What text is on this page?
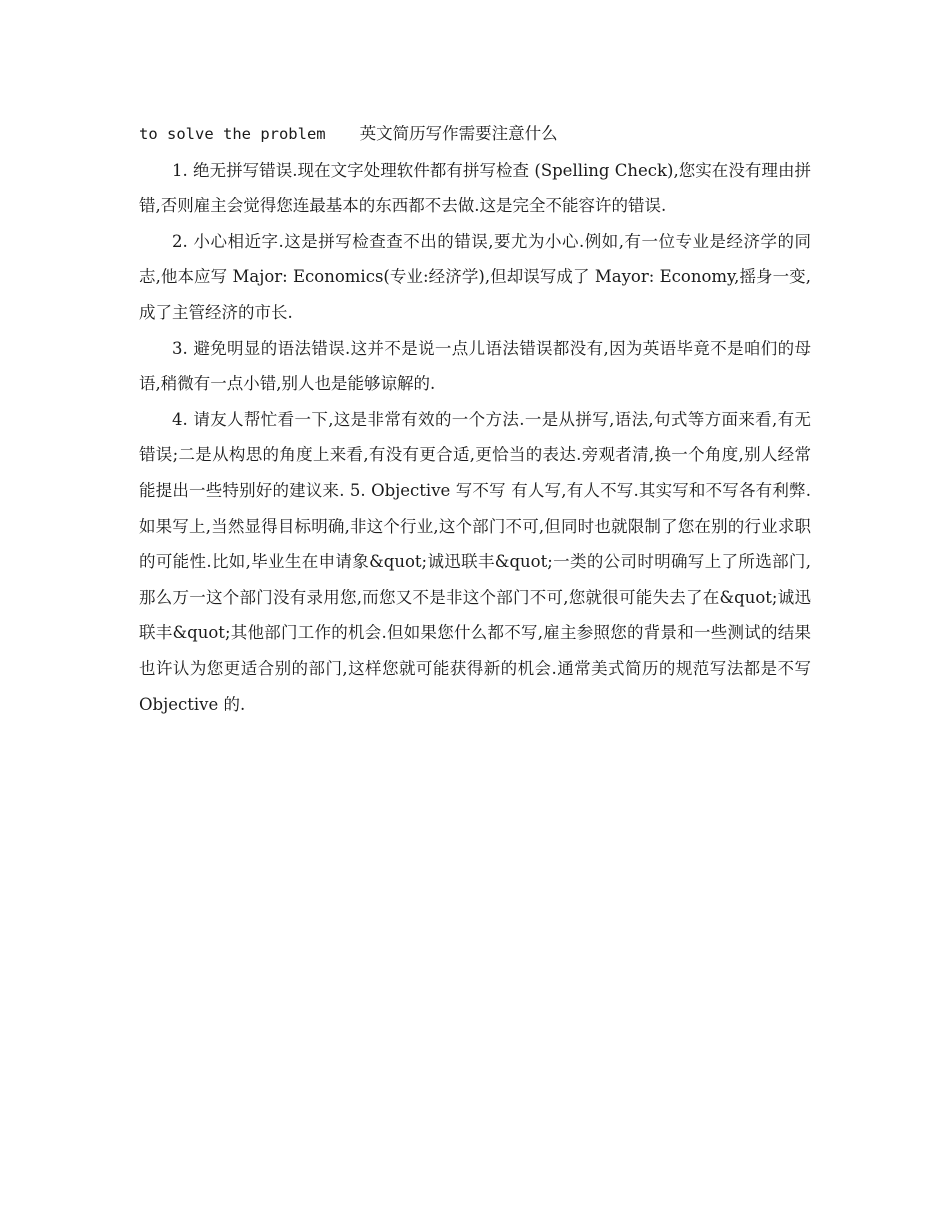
to solve the problem 英文简历写作需要注意什么

1. 绝无拼写错误.现在文字处理软件都有拼写检查 (Spelling Check),您实在没有理由拼错,否则雇主会觉得您连最基本的东西都不去做.这是完全不能容许的错误.

2. 小心相近字.这是拼写检查查不出的错误,要尤为小心.例如,有一位专业是经济学的同志,他本应写 Major: Economics(专业:经济学),但却误写成了 Mayor: Economy,摇身一变,成了主管经济的市长.

3. 避免明显的语法错误.这并不是说一点儿语法错误都没有,因为英语毕竟不是咱们的母语,稍微有一点小错,别人也是能够谅解的.

4. 请友人帮忙看一下,这是非常有效的一个方法.一是从拼写,语法,句式等方面来看,有无错误;二是从构思的角度上来看,有没有更合适,更恰当的表达.旁观者清,换一个角度,别人经常能提出一些特别好的建议来. 5. Objective 写不写 有人写,有人不写.其实写和不写各有利弊.如果写上,当然显得目标明确,非这个行业,这个部门不可,但同时也就限制了您在别的行业求职的可能性.比如,毕业生在申请象&quot;诚迅联丰&quot;一类的公司时明确写上了所选部门,那么万一这个部门没有录用您,而您又不是非这个部门不可,您就很可能失去了在&quot;诚迅联丰&quot;其他部门工作的机会.但如果您什么都不写,雇主参照您的背景和一些测试的结果也许认为您更适合别的部门,这样您就可能获得新的机会.通常美式简历的规范写法都是不写 Objective 的.
